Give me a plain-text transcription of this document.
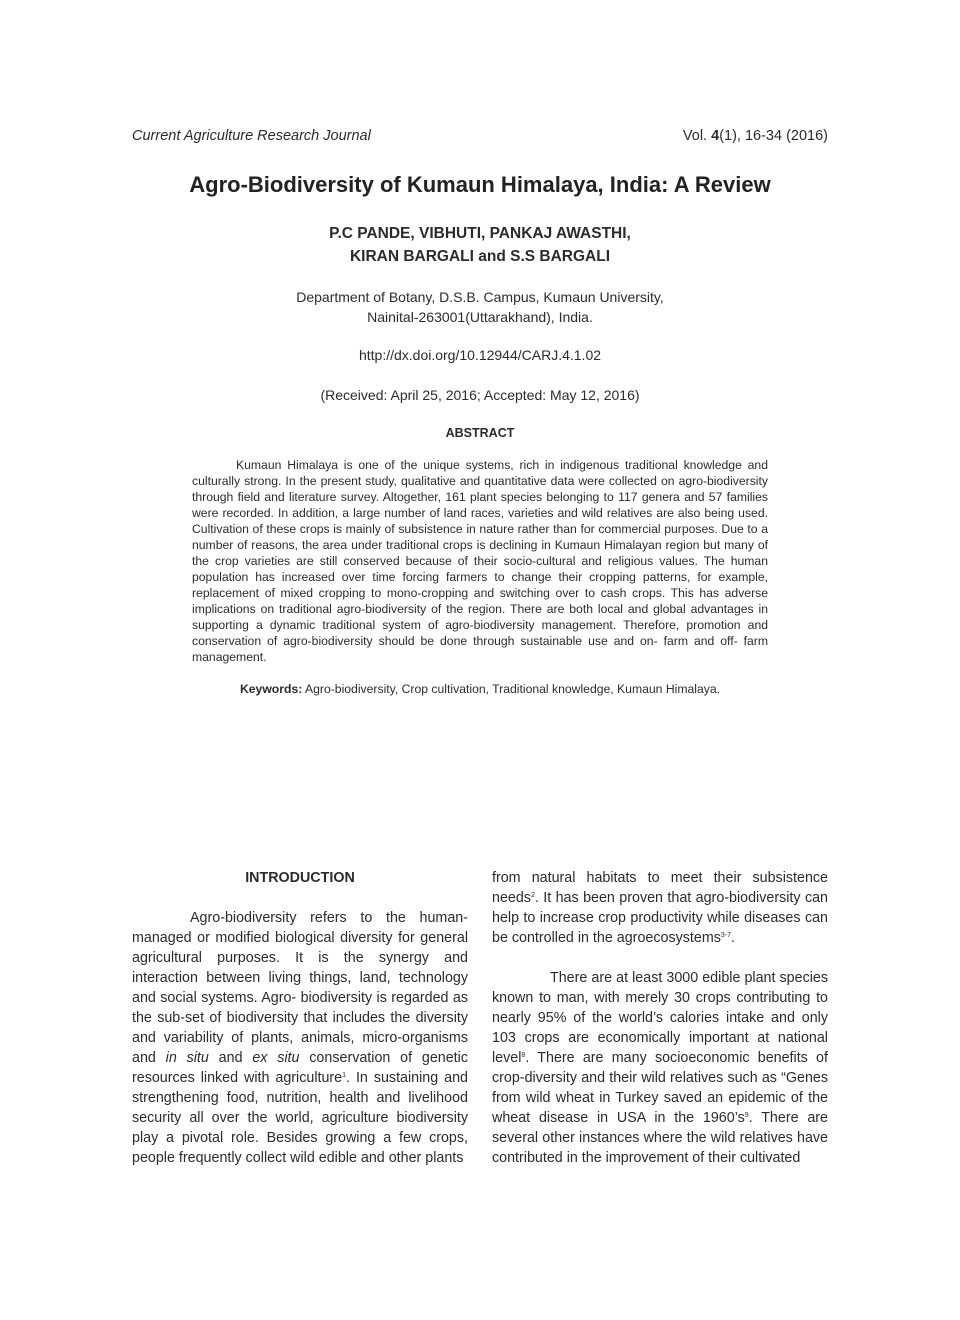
Current Agriculture Research Journal	Vol. 4(1), 16-34 (2016)
Agro-Biodiversity of Kumaun Himalaya, India: A Review
P.C PANDE, VIBHUTI, PANKAJ AWASTHI,
KIRAN BARGALI and S.S BARGALI
Department of Botany, D.S.B. Campus, Kumaun University,
Nainital-263001(Uttarakhand), India.
http://dx.doi.org/10.12944/CARJ.4.1.02
(Received: April 25, 2016; Accepted: May 12, 2016)
ABSTRACT

Kumaun Himalaya is one of the unique systems, rich in indigenous traditional knowledge and culturally strong. In the present study, qualitative and quantitative data were collected on agro-biodiversity through field and literature survey. Altogether, 161 plant species belonging to 117 genera and 57 families were recorded. In addition, a large number of land races, varieties and wild relatives are also being used. Cultivation of these crops is mainly of subsistence in nature rather than for commercial purposes. Due to a number of reasons, the area under traditional crops is declining in Kumaun Himalayan region but many of the crop varieties are still conserved because of their socio-cultural and religious values. The human population has increased over time forcing farmers to change their cropping patterns, for example, replacement of mixed cropping to mono-cropping and switching over to cash crops. This has adverse implications on traditional agro-biodiversity of the region. There are both local and global advantages in supporting a dynamic traditional system of agro-biodiversity management. Therefore, promotion and conservation of agro-biodiversity should be done through sustainable use and on- farm and off- farm management.

Keywords: Agro-biodiversity, Crop cultivation, Traditional knowledge, Kumaun Himalaya.
INTRODUCTION

Agro-biodiversity refers to the human-managed or modified biological diversity for general agricultural purposes. It is the synergy and interaction between living things, land, technology and social systems. Agro- biodiversity is regarded as the sub-set of biodiversity that includes the diversity and variability of plants, animals, micro-organisms and in situ and ex situ conservation of genetic resources linked with agriculture$^1$. In sustaining and strengthening food, nutrition, health and livelihood security all over the world, agriculture biodiversity play a pivotal role. Besides growing a few crops, people frequently collect wild edible and other plants

from natural habitats to meet their subsistence needs$^2$. It has been proven that agro-biodiversity can help to increase crop productivity while diseases can be controlled in the agroecosystems$^{3-7}$.

There are at least 3000 edible plant species known to man, with merely 30 crops contributing to nearly 95% of the world’s calories intake and only 103 crops are economically important at national level$^8$. There are many socioeconomic benefits of crop-diversity and their wild relatives such as “Genes from wild wheat in Turkey saved an epidemic of the wheat disease in USA in the $1960’s^9$. There are several other instances where the wild relatives have contributed in the improvement of their cultivated
